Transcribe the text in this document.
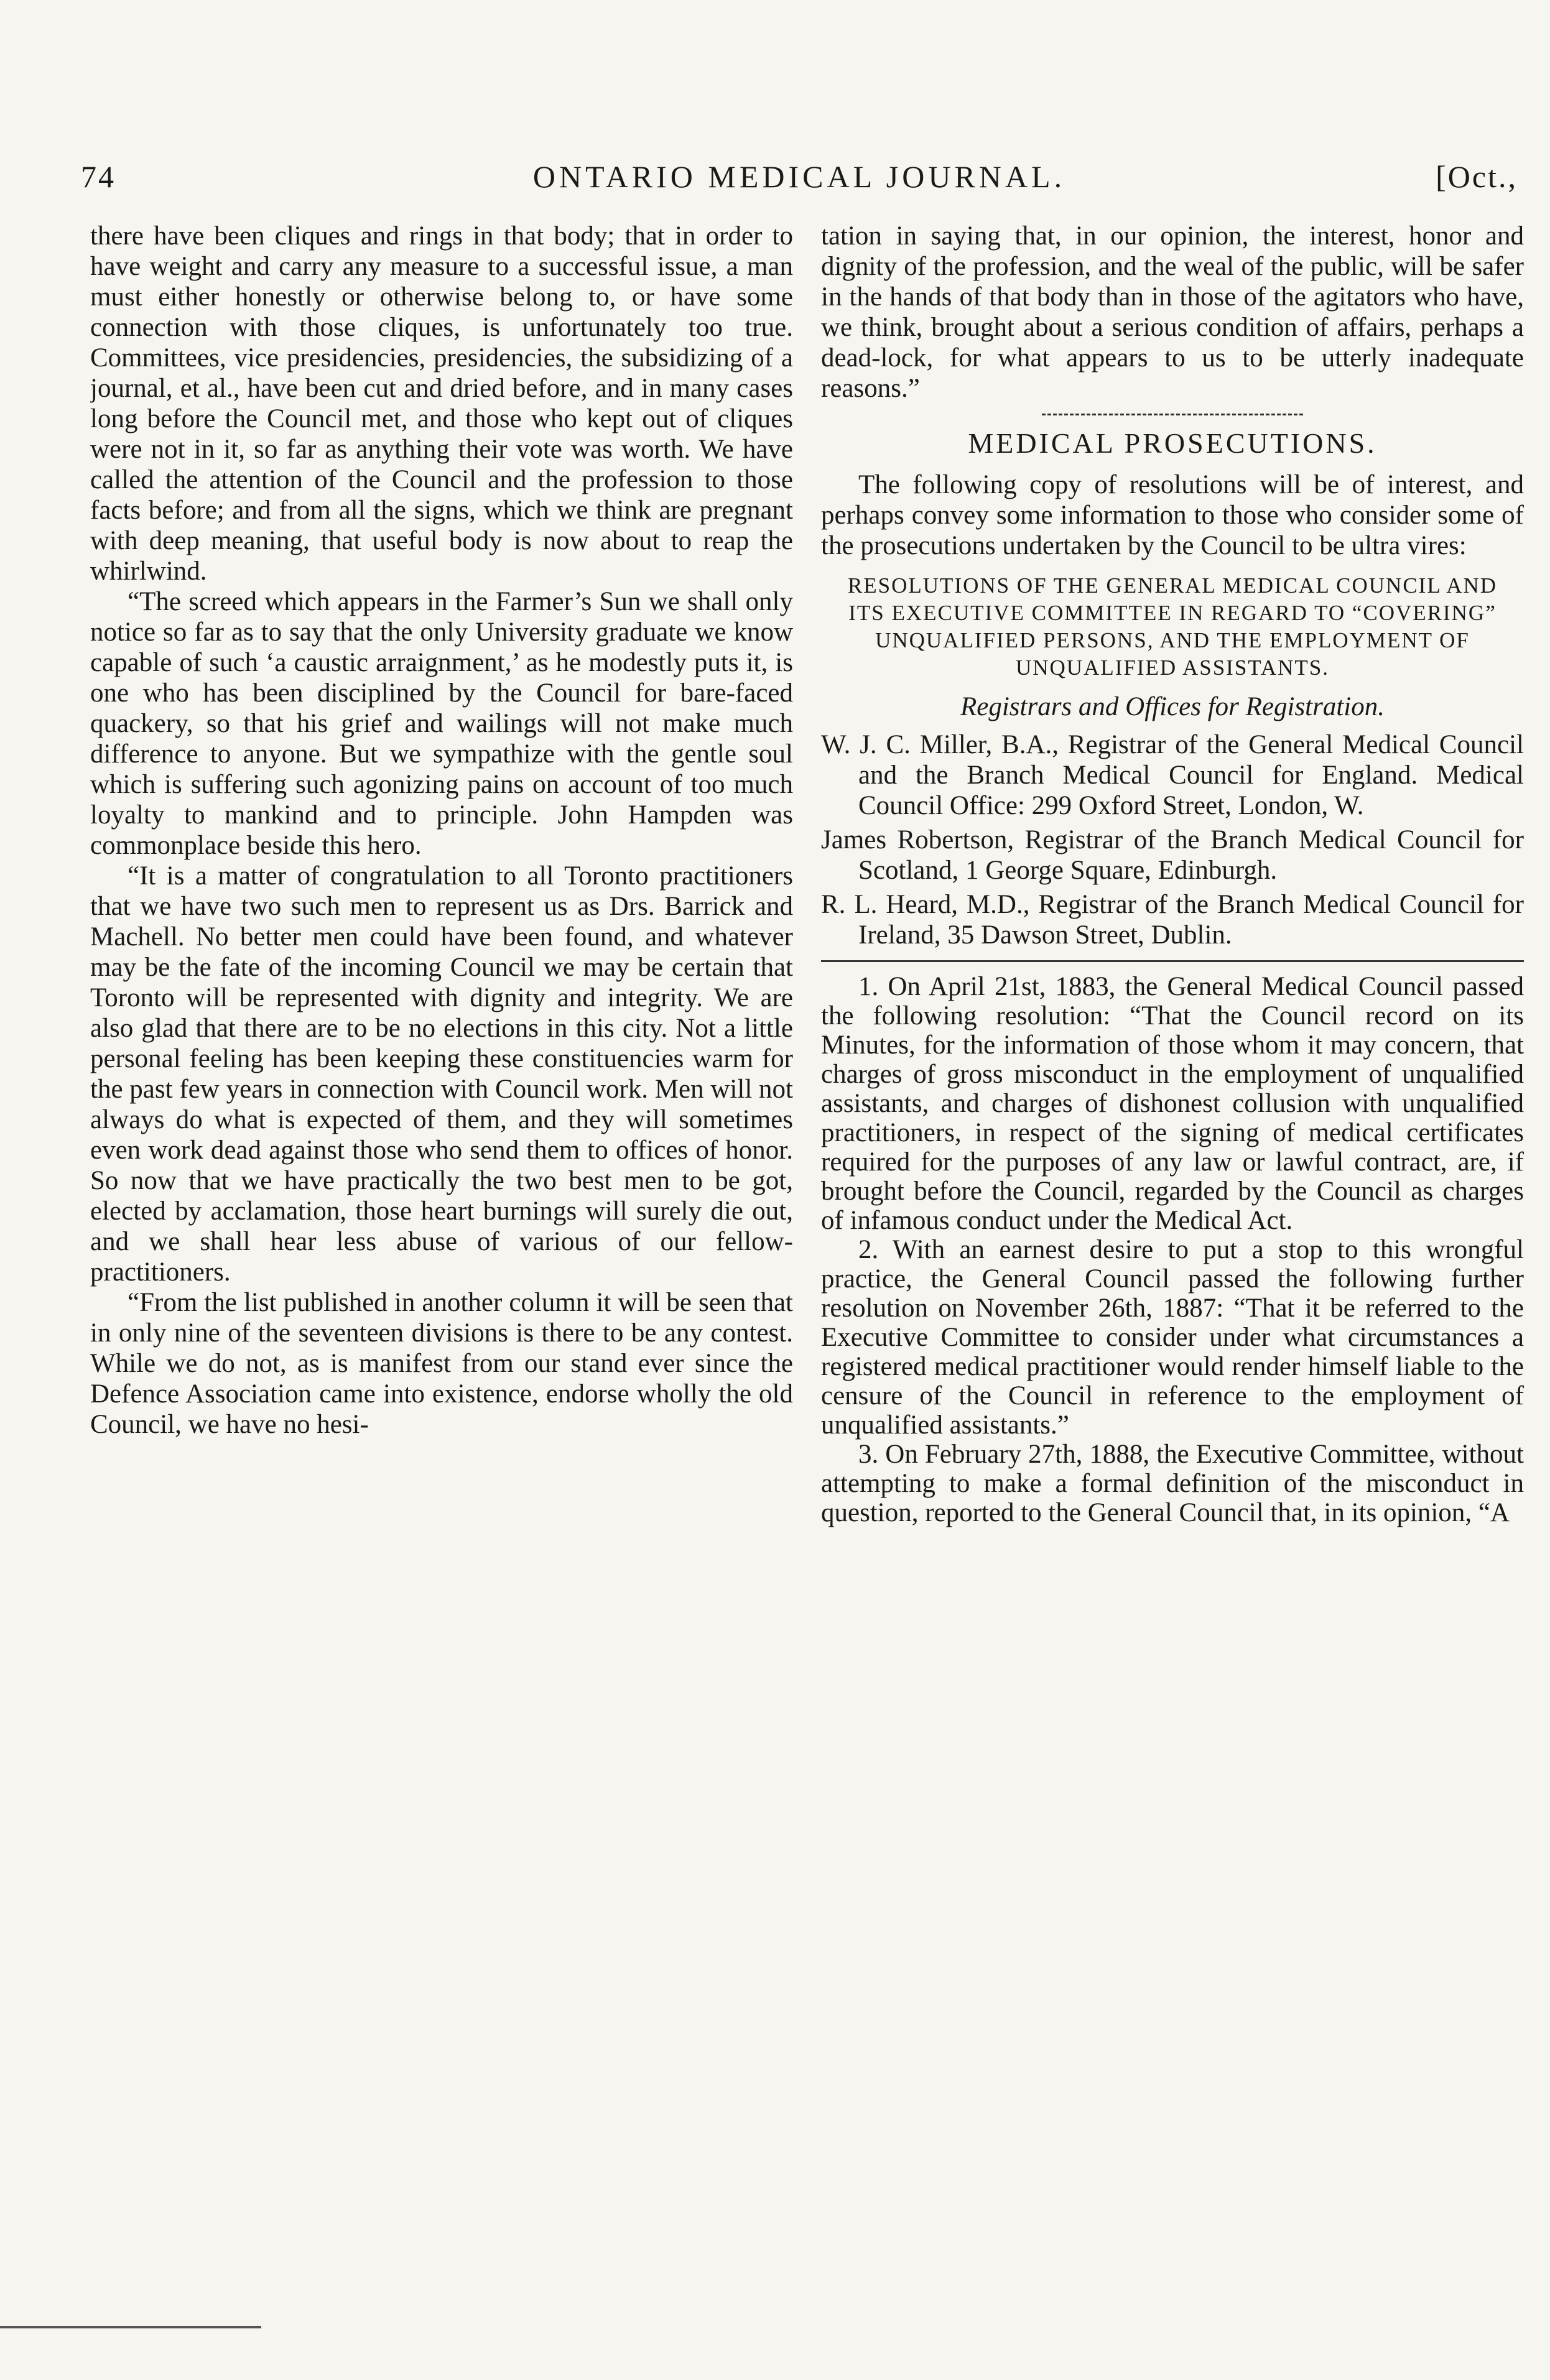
74	ONTARIO MEDICAL JOURNAL.	[Oct.,

there have been cliques and rings in that body; that in order to have weight and carry any measure to a successful issue, a man must either honestly or otherwise belong to, or have some connection with those cliques, is unfortunately too true. Committees, vice presidencies, presidencies, the subsidizing of a journal, et al., have been cut and dried before, and in many cases long before the Council met, and those who kept out of cliques were not in it, so far as anything their vote was worth. We have called the attention of the Council and the profession to those facts before; and from all the signs, which we think are pregnant with deep meaning, that useful body is now about to reap the whirlwind.

“The screed which appears in the Farmer’s Sun we shall only notice so far as to say that the only University graduate we know capable of such ‘a caustic arraignment,’ as he modestly puts it, is one who has been disciplined by the Council for bare-faced quackery, so that his grief and wailings will not make much difference to anyone. But we sympathize with the gentle soul which is suffering such agonizing pains on account of too much loyalty to mankind and to principle. John Hampden was commonplace beside this hero.

“It is a matter of congratulation to all Toronto practitioners that we have two such men to represent us as Drs. Barrick and Machell. No better men could have been found, and whatever may be the fate of the incoming Council we may be certain that Toronto will be represented with dignity and integrity. We are also glad that there are to be no elections in this city. Not a little personal feeling has been keeping these constituencies warm for the past few years in connection with Council work. Men will not always do what is expected of them, and they will sometimes even work dead against those who send them to offices of honor. So now that we have practically the two best men to be got, elected by acclamation, those heart burnings will surely die out, and we shall hear less abuse of various of our fellow-practitioners.

“From the list published in another column it will be seen that in only nine of the seventeen divisions is there to be any contest. While we do not, as is manifest from our stand ever since the Defence Association came into existence, endorse wholly the old Council, we have no hesi-

tation in saying that, in our opinion, the interest, honor and dignity of the profession, and the weal of the public, will be safer in the hands of that body than in those of the agitators who have, we think, brought about a serious condition of affairs, perhaps a dead-lock, for what appears to us to be utterly inadequate reasons.”

MEDICAL PROSECUTIONS.

The following copy of resolutions will be of interest, and perhaps convey some information to those who consider some of the prosecutions undertaken by the Council to be ultra vires:

RESOLUTIONS OF THE GENERAL MEDICAL COUNCIL AND ITS EXECUTIVE COMMITTEE IN REGARD TO “COVERING” UNQUALIFIED PERSONS, AND THE EMPLOYMENT OF UNQUALIFIED ASSISTANTS.
Registrars and Offices for Registration.

W. J. C. Miller, B.A., Registrar of the General Medical Council and the Branch Medical Council for England. Medical Council Office: 299 Oxford Street, London, W.

James Robertson, Registrar of the Branch Medical Council for Scotland, 1 George Square, Edinburgh.

R. L. Heard, M.D., Registrar of the Branch Medical Council for Ireland, 35 Dawson Street, Dublin.

1. On April 21st, 1883, the General Medical Council passed the following resolution: “That the Council record on its Minutes, for the information of those whom it may concern, that charges of gross misconduct in the employment of unqualified assistants, and charges of dishonest collusion with unqualified practitioners, in respect of the signing of medical certificates required for the purposes of any law or lawful contract, are, if brought before the Council, regarded by the Council as charges of infamous conduct under the Medical Act.

2. With an earnest desire to put a stop to this wrongful practice, the General Council passed the following further resolution on November 26th, 1887: “That it be referred to the Executive Committee to consider under what circumstances a registered medical practitioner would render himself liable to the censure of the Council in reference to the employment of unqualified assistants.”

3. On February 27th, 1888, the Executive Committee, without attempting to make a formal definition of the misconduct in question, reported to the General Council that, in its opinion, “A
